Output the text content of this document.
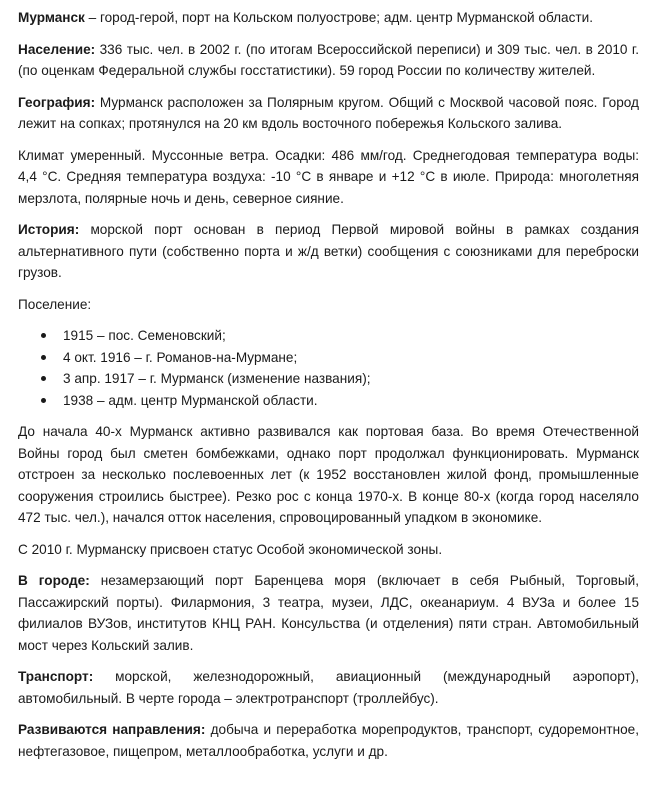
Мурманск – город-герой, порт на Кольском полуострове; адм. центр Мурманской области.

Население: 336 тыс. чел. в 2002 г. (по итогам Всероссийской переписи) и 309 тыс. чел. в 2010 г. (по оценкам Федеральной службы госстатистики). 59 город России по количеству жителей.

География: Мурманск расположен за Полярным кругом. Общий с Москвой часовой пояс. Город лежит на сопках; протянулся на 20 км вдоль восточного побережья Кольского залива.

Климат умеренный. Муссонные ветра. Осадки: 486 мм/год. Среднегодовая температура воды: 4,4 °С. Средняя температура воздуха: -10 °С в январе и +12 °С в июле. Природа: многолетняя мерзлота, полярные ночь и день, северное сияние.

История: морской порт основан в период Первой мировой войны в рамках создания альтернативного пути (собственно порта и ж/д ветки) сообщения с союзниками для переброски грузов.

Поселение:

1915 – пос. Семеновский;
4 окт. 1916 – г. Романов-на-Мурмане;
3 апр. 1917 – г. Мурманск (изменение названия);
1938 – адм. центр Мурманской области.

До начала 40-х Мурманск активно развивался как портовая база. Во время Отечественной Войны город был сметен бомбежками, однако порт продолжал функционировать. Мурманск отстроен за несколько послевоенных лет (к 1952 восстановлен жилой фонд, промышленные сооружения строились быстрее). Резко рос с конца 1970-х. В конце 80-х (когда город населяло 472 тыс. чел.), начался отток населения, спровоцированный упадком в экономике.

С 2010 г. Мурманску присвоен статус Особой экономической зоны.

В городе: незамерзающий порт Баренцева моря (включает в себя Рыбный, Торговый, Пассажирский порты). Филармония, 3 театра, музеи, ЛДС, океанариум. 4 ВУЗа и более 15 филиалов ВУЗов, институтов КНЦ РАН. Консульства (и отделения) пяти стран. Автомобильный мост через Кольский залив.

Транспорт: морской, железнодорожный, авиационный (международный аэропорт), автомобильный. В черте города – электротранспорт (троллейбус).

Развиваются направления: добыча и переработка морепродуктов, транспорт, судоремонтное, нефтегазовое, пищепром, металлообработка, услуги и др.
